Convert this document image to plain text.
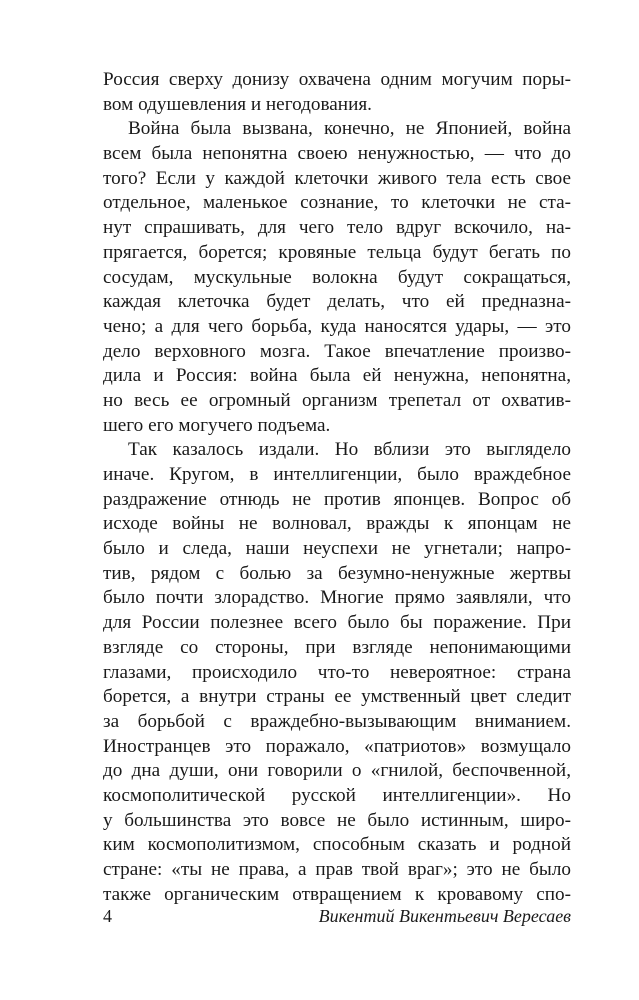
Россия сверху донизу охвачена одним могучим поры-
вом одушевления и негодования.
Война была вызвана, конечно, не Японией, война
всем была непонятна своею ненужностью, — что до
того? Если у каждой клеточки живого тела есть свое
отдельное, маленькое сознание, то клеточки не ста-
нут спрашивать, для чего тело вдруг вскочило, на-
прягается, борется; кровяные тельца будут бегать по
сосудам, мускульные волокна будут сокращаться,
каждая клеточка будет делать, что ей предназна-
чено; а для чего борьба, куда наносятся удары, — это
дело верховного мозга. Такое впечатление произво-
дила и Россия: война была ей ненужна, непонятна,
но весь ее огромный организм трепетал от охватив-
шего его могучего подъема.
Так казалось издали. Но вблизи это выглядело
иначе. Кругом, в интеллигенции, было враждебное
раздражение отнюдь не против японцев. Вопрос об
исходе войны не волновал, вражды к японцам не
было и следа, наши неуспехи не угнетали; напро-
тив, рядом с болью за безумно-ненужные жертвы
было почти злорадство. Многие прямо заявляли, что
для России полезнее всего было бы поражение. При
взгляде со стороны, при взгляде непонимающими
глазами, происходило что-то невероятное: страна
борется, а внутри страны ее умственный цвет следит
за борьбой с враждебно-вызывающим вниманием.
Иностранцев это поражало, «патриотов» возмущало
до дна души, они говорили о «гнилой, беспочвенной,
космополитической русской интеллигенции». Но
у большинства это вовсе не было истинным, широ-
ким космополитизмом, способным сказать и родной
стране: «ты не права, а прав твой враг»; это не было
также органическим отвращением к кровавому спо-
4	Викентий Викентьевич Вересаев
